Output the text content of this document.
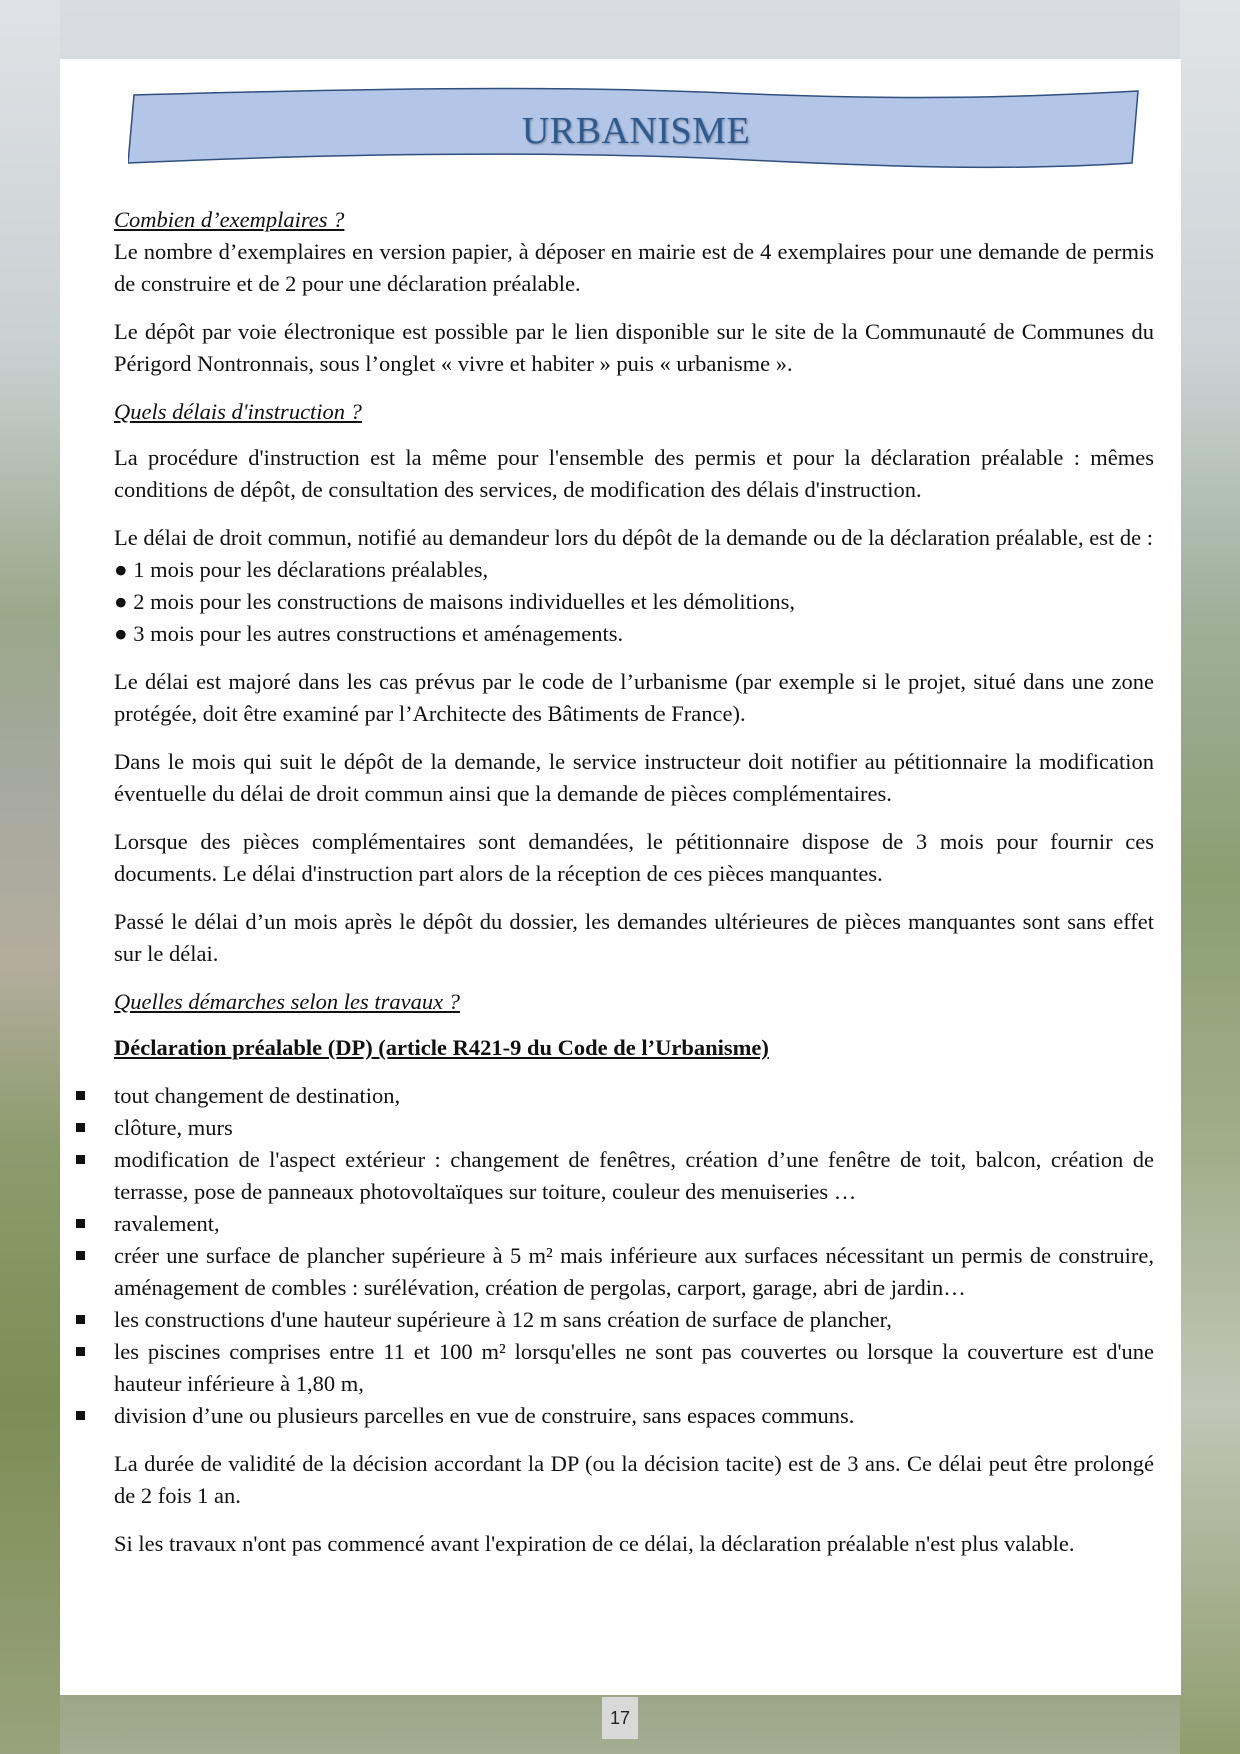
URBANISME

Combien d’exemplaires ?

Le nombre d’exemplaires en version papier, à déposer en mairie est de 4 exemplaires pour une demande de permis de construire et de 2 pour une déclaration préalable.

Le dépôt par voie électronique est possible par le lien disponible sur le site de la Communauté de Communes du Périgord Nontronnais, sous l’onglet « vivre et habiter » puis « urbanisme ».

Quels délais d'instruction ?

La procédure d'instruction est la même pour l'ensemble des permis et pour la déclaration préalable : mêmes conditions de dépôt, de consultation des services, de modification des délais d'instruction.

Le délai de droit commun, notifié au demandeur lors du dépôt de la demande ou de la déclaration préalable, est de :

● 1 mois pour les déclarations préalables,
● 2 mois pour les constructions de maisons individuelles et les démolitions,
● 3 mois pour les autres constructions et aménagements.

Le délai est majoré dans les cas prévus par le code de l’urbanisme (par exemple si le projet, situé dans une zone protégée, doit être examiné par l’Architecte des Bâtiments de France).

Dans le mois qui suit le dépôt de la demande, le service instructeur doit notifier au pétitionnaire la modification éventuelle du délai de droit commun ainsi que la demande de pièces complémentaires.

Lorsque des pièces complémentaires sont demandées, le pétitionnaire dispose de 3 mois pour fournir ces documents. Le délai d'instruction part alors de la réception de ces pièces manquantes.

Passé le délai d’un mois après le dépôt du dossier, les demandes ultérieures de pièces manquantes sont sans effet sur le délai.

Quelles démarches selon les travaux ?

Déclaration préalable (DP) (article R421-9 du Code de l’Urbanisme)
tout changement de destination,
clôture, murs
modification de l'aspect extérieur : changement de fenêtres, création d’une fenêtre de toit, balcon, création de terrasse, pose de panneaux photovoltaïques sur toiture, couleur des menuiseries …
ravalement,
créer une surface de plancher supérieure à 5 m² mais inférieure aux surfaces nécessitant un permis de construire, aménagement de combles : surélévation, création de pergolas, carport, garage, abri de jardin…
les constructions d'une hauteur supérieure à 12 m sans création de surface de plancher,
les piscines comprises entre 11 et 100 m² lorsqu'elles ne sont pas couvertes ou lorsque la couverture est d'une hauteur inférieure à 1,80 m,
division d’une ou plusieurs parcelles en vue de construire, sans espaces communs.

La durée de validité de la décision accordant la DP (ou la décision tacite) est de 3 ans. Ce délai peut être prolongé de 2 fois 1 an.

Si les travaux n'ont pas commencé avant l'expiration de ce délai, la déclaration préalable n'est plus valable.

17
